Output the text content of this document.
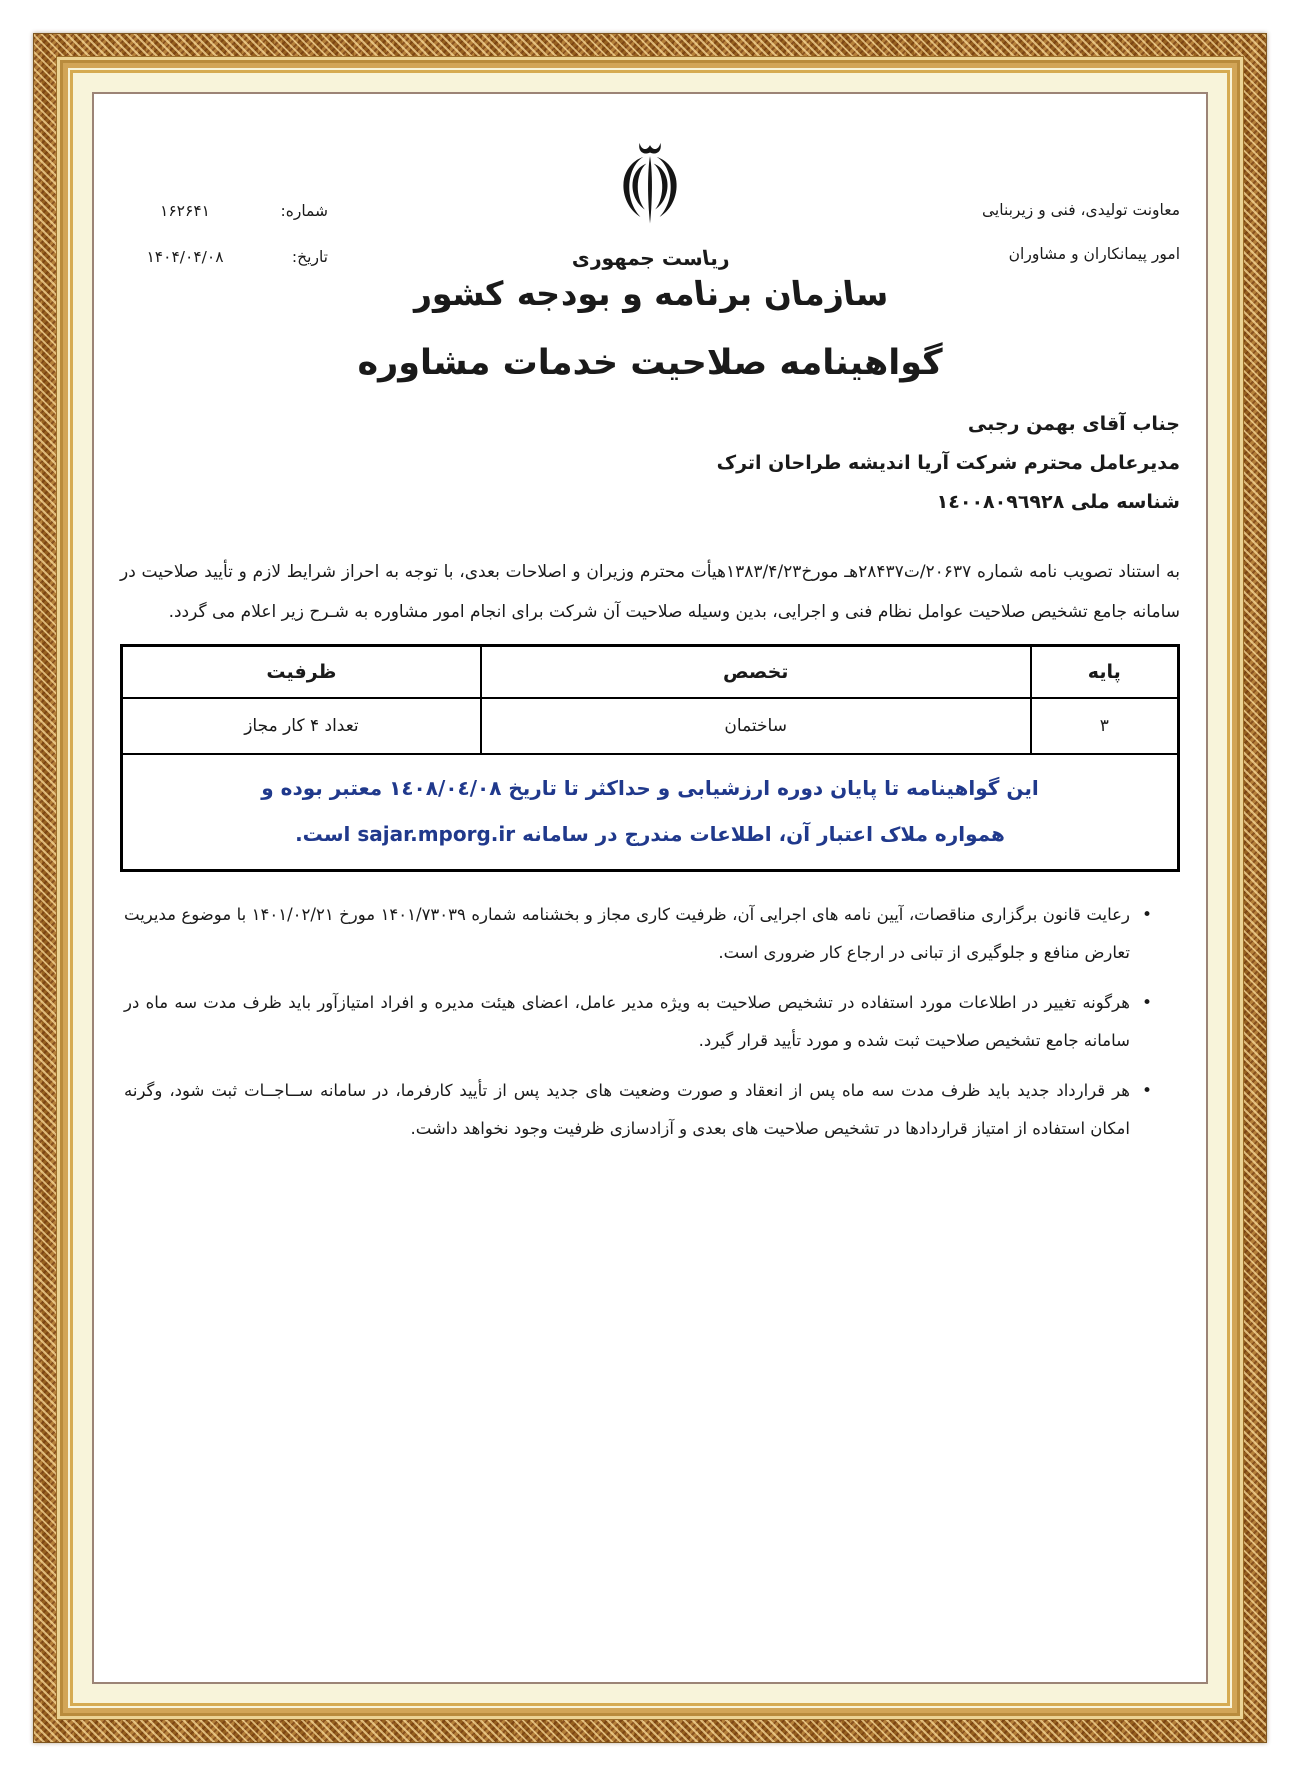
معاونت تولیدی، فنی و زیربنایی
امور پیمانکاران و مشاوران
ریاست جمهوری
سازمان برنامه و بودجه کشور
شماره:
۱۶۲۶۴۱
تاریخ:
۱۴۰۴/۰۴/۰۸
گواهینامه صلاحیت خدمات مشاوره
جناب آقای بهمن رجبی
مدیرعامل محترم شرکت آریا اندیشه طراحان اترک
شناسه ملی ۱٤۰۰۸۰۹٦۹۲۸
به استناد تصویب نامه شماره ۲۰۶۳۷/ت۲۸۴۳۷هـ مورخ۱۳۸۳/۴/۲۳هیأت محترم وزیران و اصلاحات بعدی، با توجه به احراز شرایط لازم و تأیید صلاحیت در سامانه جامع تشخیص صلاحیت عوامل نظام فنی و اجرایی، بدین وسیله صلاحیت آن شرکت برای انجام امور مشاوره به شـرح زیر اعلام می گردد.
پایه	تخصص	ظرفیت
۳	ساختمان	تعداد ۴ کار مجاز

این گواهینامه تا پایان دوره ارزشیابی و حداکثر تا تاریخ ۱٤۰۸/۰٤/۰۸ معتبر بوده و
همواره ملاک اعتبار آن، اطلاعات مندرج در سامانه sajar.mporg.ir است.		
•
رعایت قانون برگزاری مناقصات، آیین نامه های اجرایی آن، ظرفیت کاری مجاز و بخشنامه شماره ۱۴۰۱/۷۳۰۳۹ مورخ ۱۴۰۱/۰۲/۲۱ با موضوع مدیریت تعارض منافع و جلوگیری از تبانی در ارجاع کار ضروری است.
•
هرگونه تغییر در اطلاعات مورد استفاده در تشخیص صلاحیت به ویژه مدیر عامل، اعضای هیئت مدیره و افراد امتیازآور باید ظرف مدت سه ماه در سامانه جامع تشخیص صلاحیت ثبت شده و مورد تأیید قرار گیرد.
•
هر قرارداد جدید باید ظرف مدت سه ماه پس از انعقاد و صورت وضعیت های جدید پس از تأیید کارفرما، در سامانه ســاجــات ثبت شود، وگرنه امکان استفاده از امتیاز قراردادها در تشخیص صلاحیت های بعدی و آزادسازی ظرفیت وجود نخواهد داشت.
